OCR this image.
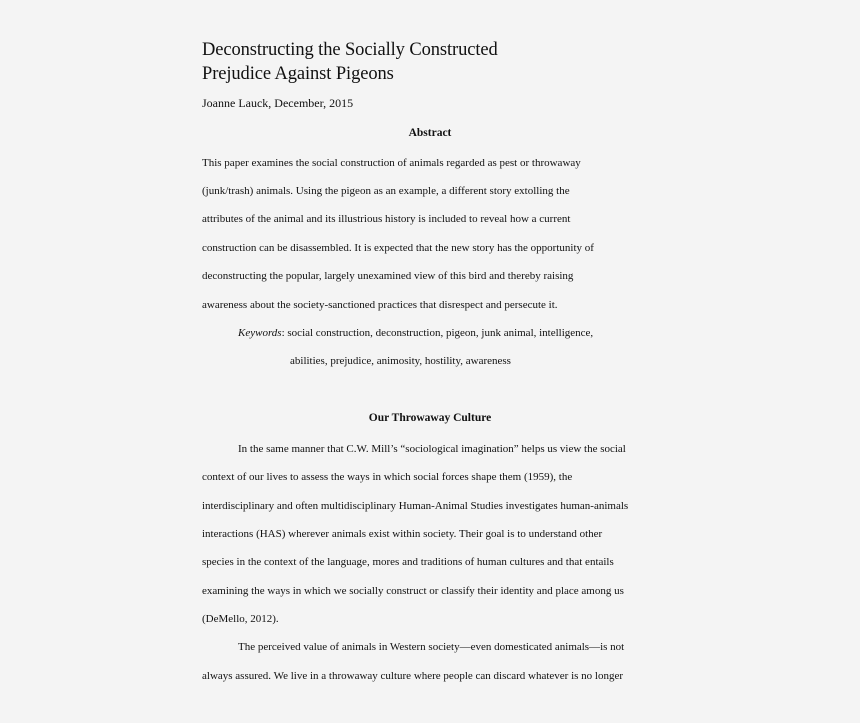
Deconstructing the Socially Constructed
Prejudice Against Pigeons
Joanne Lauck, December, 2015
Abstract
This paper examines the social construction of animals regarded as pest or throwaway
(junk/trash) animals. Using the pigeon as an example, a different story extolling the
attributes of the animal and its illustrious history is included to reveal how a current
construction can be disassembled. It is expected that the new story has the opportunity of
deconstructing the popular, largely unexamined view of this bird and thereby raising
awareness about the society-sanctioned practices that disrespect and persecute it.
Keywords: social construction, deconstruction, pigeon, junk animal, intelligence,
abilities, prejudice, animosity, hostility, awareness
Our Throwaway Culture
In the same manner that C.W. Mill’s “sociological imagination” helps us view the social
context of our lives to assess the ways in which social forces shape them (1959), the
interdisciplinary and often multidisciplinary Human-Animal Studies investigates human-animals
interactions (HAS) wherever animals exist within society. Their goal is to understand other
species in the context of the language, mores and traditions of human cultures and that entails
examining the ways in which we socially construct or classify their identity and place among us
(DeMello, 2012).
The perceived value of animals in Western society—even domesticated animals—is not
always assured. We live in a throwaway culture where people can discard whatever is no longer
